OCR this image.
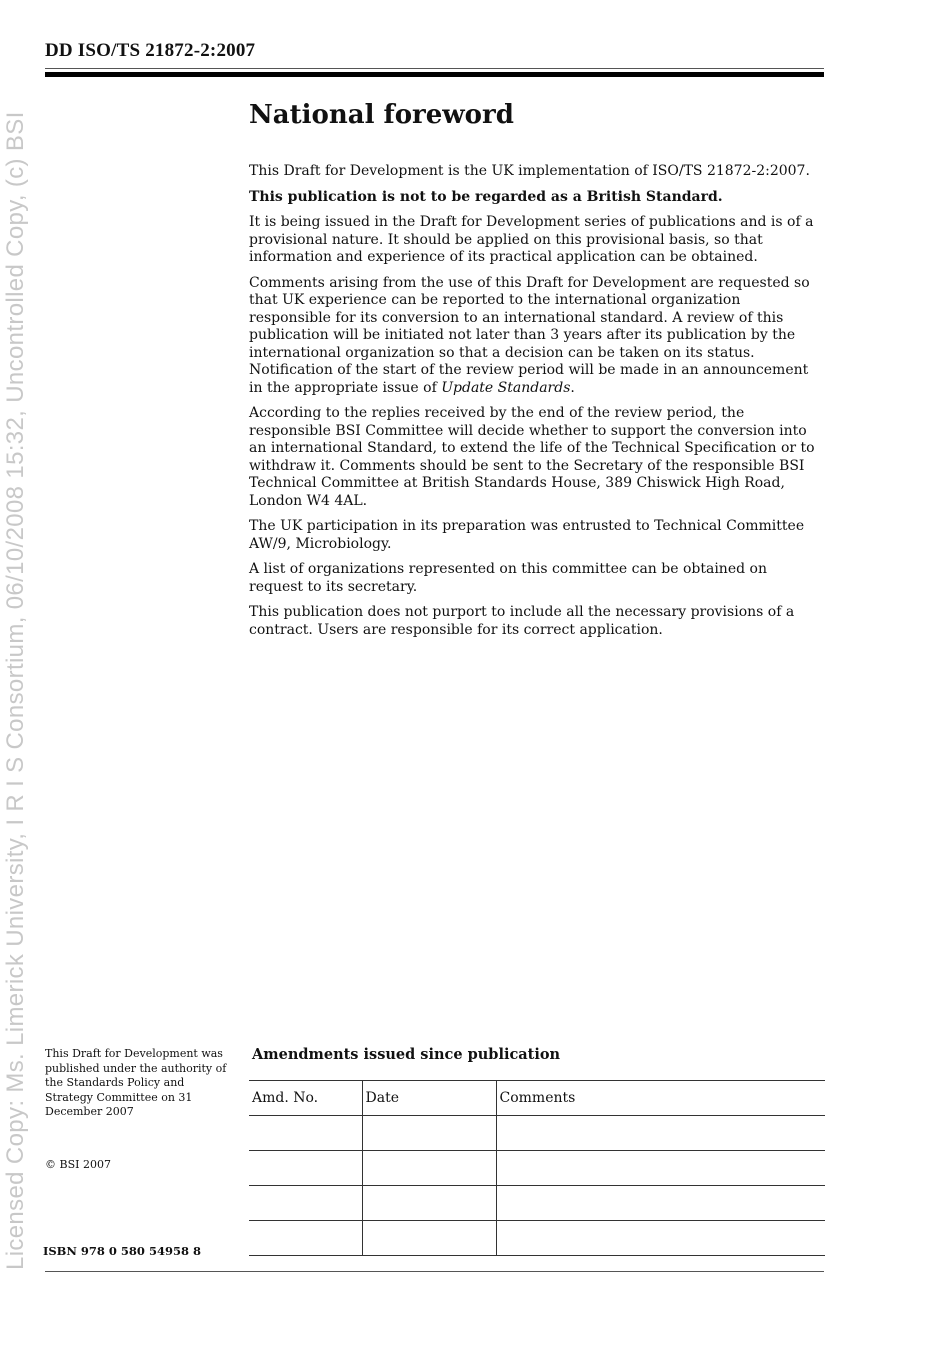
DD ISO/TS 21872-2:2007
Licensed Copy: Ms. Limerick University, I R I S Consortium, 06/10/2008 15:32, Uncontrolled Copy, (c) BSI	National foreword

This Draft for Development is the UK implementation of ISO/TS 21872-2:2007.

This publication is not to be regarded as a British Standard.

It is being issued in the Draft for Development series of publications and is of a provisional nature. It should be applied on this provisional basis, so that information and experience of its practical application can be obtained.

Comments arising from the use of this Draft for Development are requested so that UK experience can be reported to the international organization responsible for its conversion to an international standard. A review of this publication will be initiated not later than 3 years after its publication by the international organization so that a decision can be taken on its status. Notification of the start of the review period will be made in an announcement in the appropriate issue of Update Standards.

According to the replies received by the end of the review period, the responsible BSI Committee will decide whether to support the conversion into an international Standard, to extend the life of the Technical Specification or to withdraw it. Comments should be sent to the Secretary of the responsible BSI Technical Committee at British Standards House, 389 Chiswick High Road, London W4 4AL.

The UK participation in its preparation was entrusted to Technical Committee AW/9, Microbiology.

A list of organizations represented on this committee can be obtained on request to its secretary.

This publication does not purport to include all the necessary provisions of a contract. Users are responsible for its correct application.

This Draft for Development was published under the authority of the Standards Policy and Strategy Committee on 31 December 2007
© BSI 2007
ISBN 978 0 580 54958 8
Amendments issued since publication
Amd. No.	Date	Comments
